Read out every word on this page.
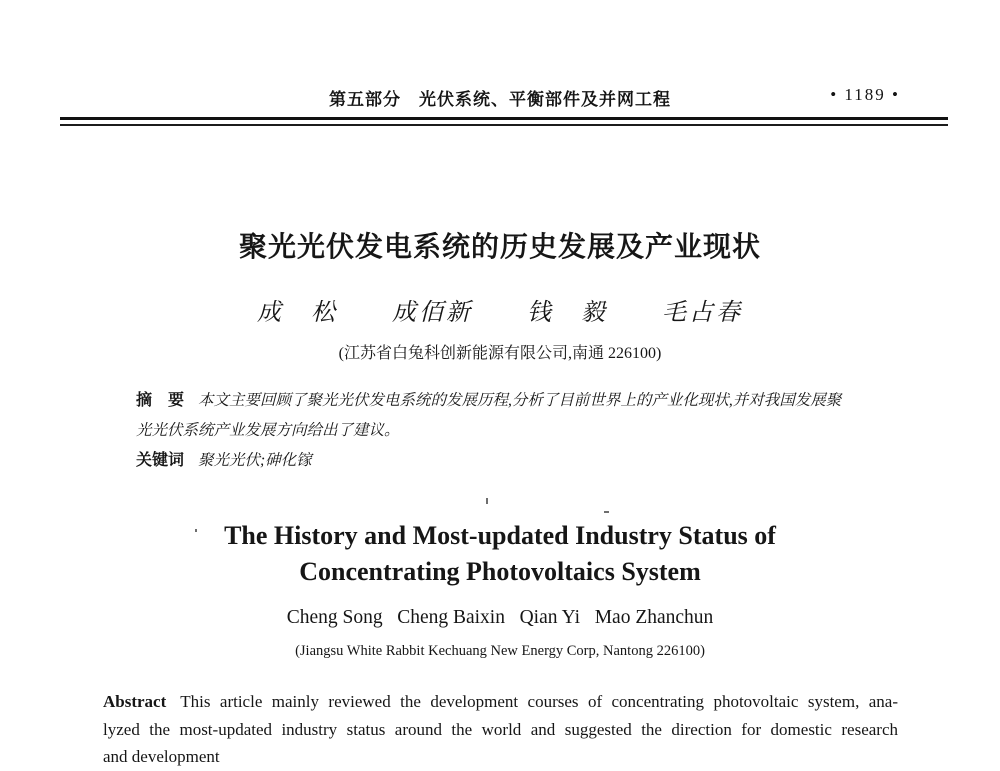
第五部分　光伏系统、平衡部件及并网工程	• 1189 •
聚光光伏发电系统的历史发展及产业现状
成　松　　成佰新　　钱　毅　　毛占春
(江苏省白兔科创新能源有限公司,南通 226100)
摘　要 本文主要回顾了聚光光伏发电系统的发展历程,分析了目前世界上的产业化现状,并对我国发展聚
光光伏系统产业发展方向给出了建议。
关键词 聚光光伏;砷化镓
The History and Most-updated Industry Status of
Concentrating Photovoltaics System
Cheng Song   Cheng Baixin   Qian Yi   Mao Zhanchun
(Jiangsu White Rabbit Kechuang New Energy Corp, Nantong 226100)
Abstract This article mainly reviewed the development courses of concentrating photovoltaic system, ana-
lyzed the most-updated industry status around the world and suggested the direction for domestic research
and development
